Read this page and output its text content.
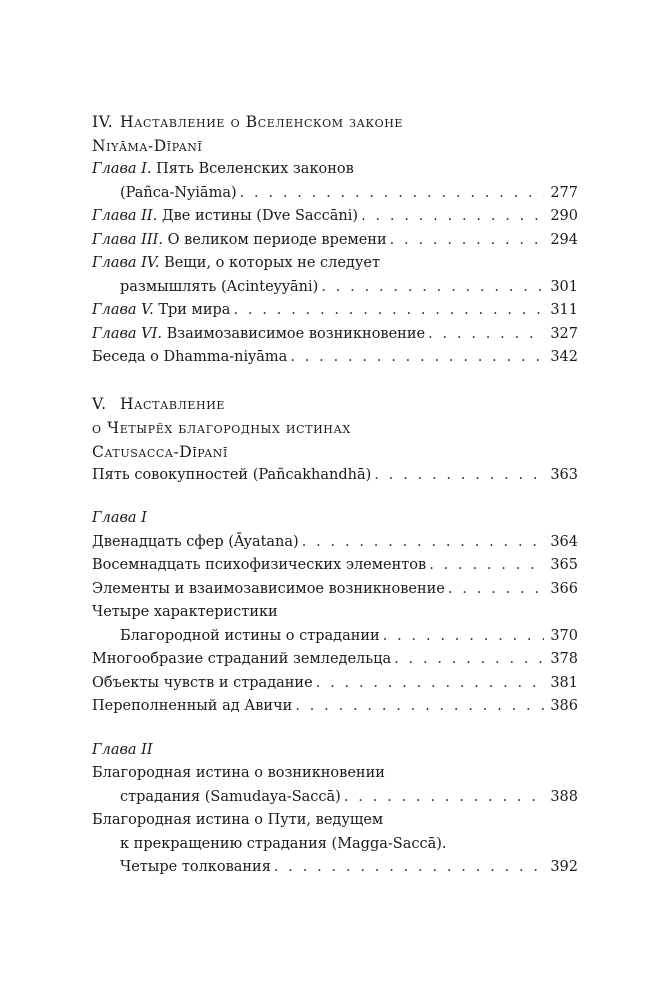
IV. Наставление о Вселенском законе
Niyāma-Dīpanī
Глава I. Пять Вселенских законов
(Pañca-Nyiāma) . . .	277
Глава II. Две истины (Dve Saccāni) . . .	290
Глава III. О великом периоде времени . . .	294
Глава IV. Вещи, о которых не следует
размышлять (Acinteyyāni) . . .	301
Глава V. Три мира . . .	311
Глава VI. Взаимозависимое возникновение . . .	327
Беседа о Dhamma-niyāma . . .	342
V. Наставление
о Четырёх благородных истинах
Catusacca-Dīpanī
Пять совокупностей (Pañcakhandhā) . . .	363
Глава I
Двенадцать сфер (Āyatana) . . .	364
Восемнадцать психофизических элементов . . .	365
Элементы и взаимозависимое возникновение . . .	366
Четыре характеристики
Благородной истины о страдании . . .	370
Многообразие страданий земледельца . . .	378
Объекты чувств и страдание . . .	381
Переполненный ад Авичи . . .	386
Глава II
Благородная истина о возникновении
страдания (Samudaya-Saccā) . . .	388
Благородная истина о Пути, ведущем
к прекращению страдания (Magga-Saccā).
Четыре толкования . . .	392
